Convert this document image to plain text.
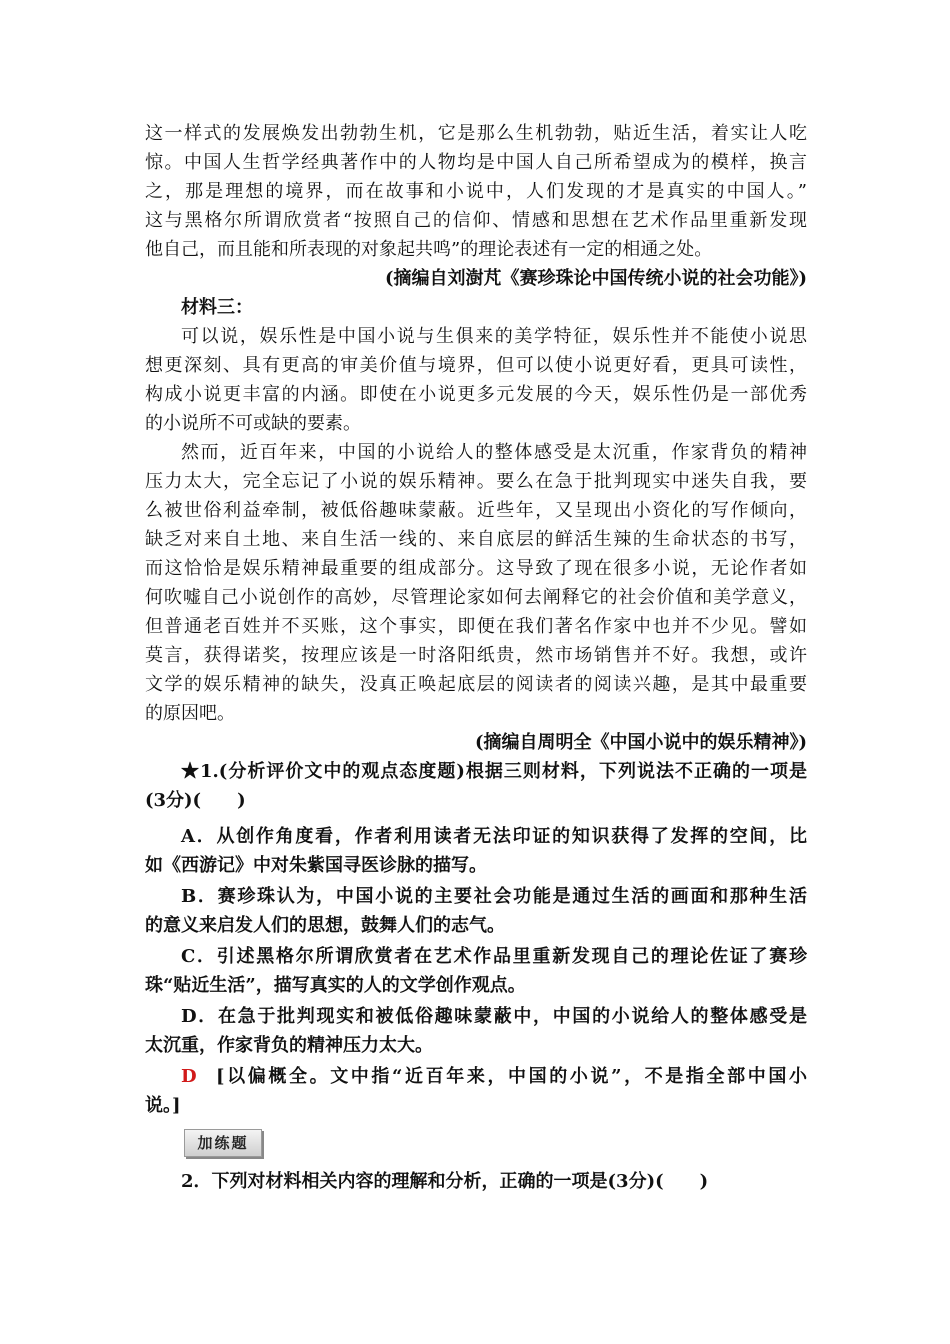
这一样式的发展焕发出勃勃生机，它是那么生机勃勃，贴近生活，着实让人吃
惊。中国人生哲学经典著作中的人物均是中国人自己所希望成为的模样，换言
之，那是理想的境界，而在故事和小说中，人们发现的才是真实的中国人。”
这与黑格尔所谓欣赏者“按照自己的信仰、情感和思想在艺术作品里重新发现
他自己，而且能和所表现的对象起共鸣”的理论表述有一定的相通之处。
(摘编自刘澍芃《赛珍珠论中国传统小说的社会功能》)
材料三：
可以说，娱乐性是中国小说与生俱来的美学特征，娱乐性并不能使小说思
想更深刻、具有更高的审美价值与境界，但可以使小说更好看，更具可读性，
构成小说更丰富的内涵。即使在小说更多元发展的今天，娱乐性仍是一部优秀
的小说所不可或缺的要素。
然而，近百年来，中国的小说给人的整体感受是太沉重，作家背负的精神
压力太大，完全忘记了小说的娱乐精神。要么在急于批判现实中迷失自我，要
么被世俗利益牵制，被低俗趣味蒙蔽。近些年，又呈现出小资化的写作倾向，
缺乏对来自土地、来自生活一线的、来自底层的鲜活生辣的生命状态的书写，
而这恰恰是娱乐精神最重要的组成部分。这导致了现在很多小说，无论作者如
何吹嘘自己小说创作的高妙，尽管理论家如何去阐释它的社会价值和美学意义，
但普通老百姓并不买账，这个事实，即便在我们著名作家中也并不少见。譬如
莫言，获得诺奖，按理应该是一时洛阳纸贵，然市场销售并不好。我想，或许
文学的娱乐精神的缺失，没真正唤起底层的阅读者的阅读兴趣，是其中最重要
的原因吧。
(摘编自周明全《中国小说中的娱乐精神》)
★1.(分析评价文中的观点态度题)根据三则材料，下列说法不正确的一项是
(3分)(　　)
A．从创作角度看，作者利用读者无法印证的知识获得了发挥的空间，比
如《西游记》中对朱紫国寻医诊脉的描写。
B．赛珍珠认为，中国小说的主要社会功能是通过生活的画面和那种生活
的意义来启发人们的思想，鼓舞人们的志气。
C．引述黑格尔所谓欣赏者在艺术作品里重新发现自己的理论佐证了赛珍
珠“贴近生活”，描写真实的人的文学创作观点。
D．在急于批判现实和被低俗趣味蒙蔽中，中国的小说给人的整体感受是
太沉重，作家背负的精神压力太大。
D [以偏概全。文中指“近百年来，中国的小说”，不是指全部中国小
说。]
加练题
2．下列对材料相关内容的理解和分析，正确的一项是(3分)(　　)
